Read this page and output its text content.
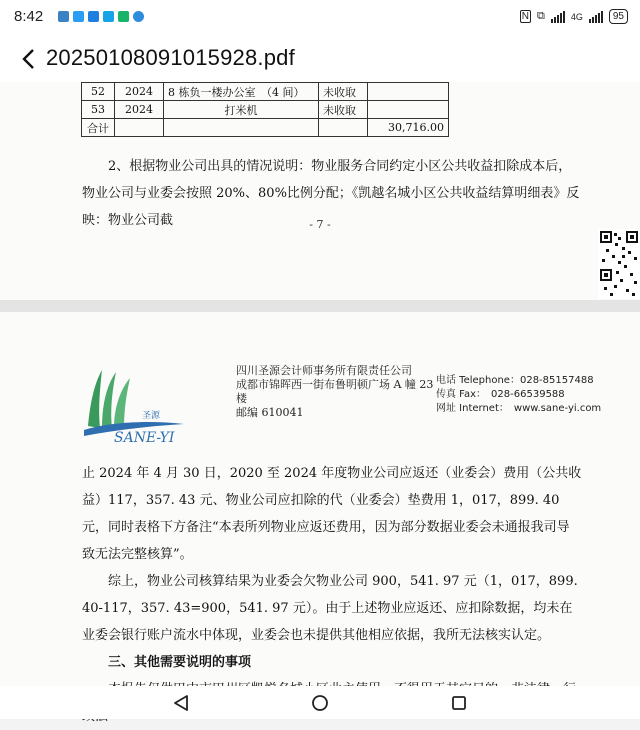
8:42	N ⧉	4G	95
20250108091015928.pdf
52	2024	8 栋负一楼办公室　（4 间）	未收取	
53	2024	打米机	未收取	
合计				30,716.00
2、根据物业公司出具的情况说明：物业服务合同约定小区公共收益扣除成本后，物业公司与业委会按照 20%、80%比例分配；《凯越名城小区公共收益结算明细表》反映：物业公司截	- 7 -
圣源
SANE-YI
四川圣源会计师事务所有限责任公司
成都市锦晖西一街布鲁明顿广场 A 幢 23
楼
邮编 610041
电话 Telephone：028-85157488
传真 Fax：　028-66539588
网址 Internet：　www.sane-yi.com

止 2024 年 4 月 30 日，2020 至 2024 年度物业公司应返还（业委会）费用（公共收益）117，357. 43 元、物业公司应扣除的代（业委会）垫费用 1，017，899. 40 元，同时表格下方备注“本表所列物业应返还费用，因为部分数据业委会未通报我司导致无法完整核算”。

综上，物业公司核算结果为业委会欠物业公司 900，541. 97 元（1，017，899. 40-117，357. 43=900，541. 97 元）。由于上述物业应返还、应扣除数据，均未在业委会银行账户流水中体现，业委会也未提供其他相应依据，我所无法核实认定。

三、其他需要说明的事项
